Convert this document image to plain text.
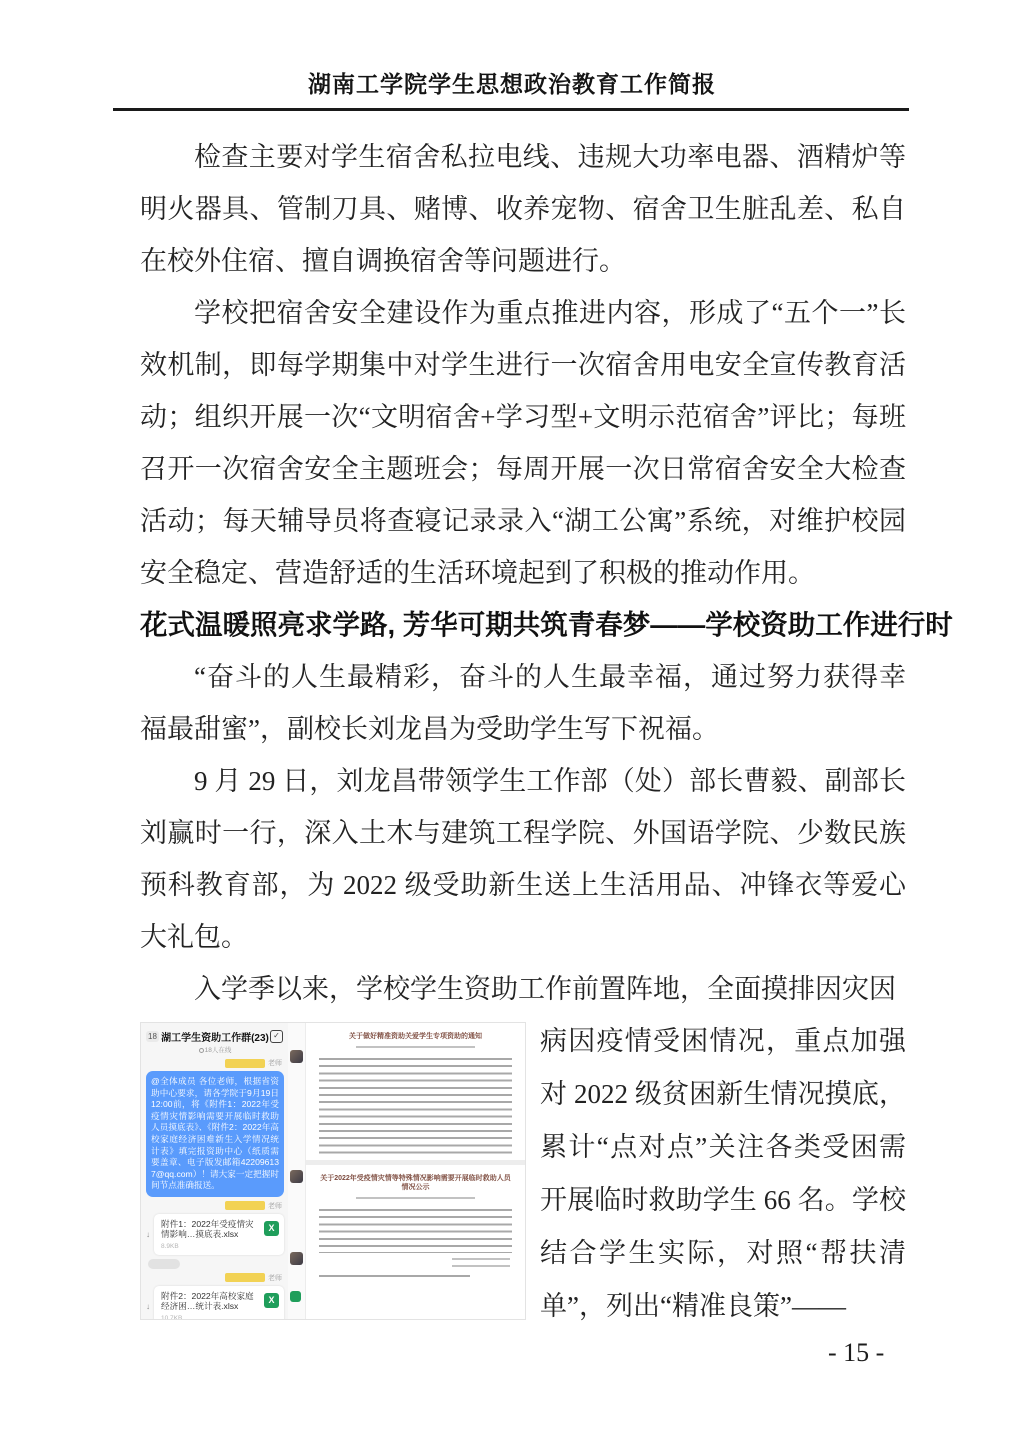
湖南工学院学生思想政治教育工作简报

检查主要对学生宿舍私拉电线、违规大功率电器、酒精炉等明火器具、管制刀具、赌博、收养宠物、宿舍卫生脏乱差、私自在校外住宿、擅自调换宿舍等问题进行。

学校把宿舍安全建设作为重点推进内容，形成了“五个一”长效机制，即每学期集中对学生进行一次宿舍用电安全宣传教育活动；组织开展一次“文明宿舍+学习型+文明示范宿舍”评比；每班召开一次宿舍安全主题班会；每周开展一次日常宿舍安全大检查活动；每天辅导员将查寝记录录入“湖工公寓”系统，对维护校园安全稳定、营造舒适的生活环境起到了积极的推动作用。

花式温暖照亮求学路, 芳华可期共筑青春梦——学校资助工作进行时

“奋斗的人生最精彩，奋斗的人生最幸福，通过努力获得幸福最甜蜜”，副校长刘龙昌为受助学生写下祝福。

9 月 29 日，刘龙昌带领学生工作部（处）部长曹毅、副部长刘赢时一行，深入土木与建筑工程学院、外国语学院、少数民族预科教育部，为 2022 级受助新生送上生活用品、冲锋衣等爱心大礼包。

入学季以来，学校学生资助工作前置阵地，全面摸排因灾因

18 湖工学生资助工作群(23)
18人在线
✓
老师
@全体成员 各位老师，根据省资助中心要求，请各学院于9月19日12:00前，将《附件1：2022年受疫情灾情影响需要开展临时救助人员摸底表》、《附件2：2022年高校家庭经济困难新生入学情况统计表》填完报资助中心（纸质需要盖章、电子版发邮箱422096137@qq.com）！请大家一定把握时间节点准确报送。
老师
↓
附件1：2022年受疫情灾情影响…摸底表.xlsx
8.9KB
X
老师
↓
附件2：2022年高校家庭经济困…统计表.xlsx
10.7KB
X
关于做好精准资助关爱学生专项资助的通知
关于2022年受疫情灾情等特殊情况影响需要开展临时救助人员情况公示

病因疫情受困情况，重点加强对 2022 级贫困新生情况摸底，累计“点对点”关注各类受困需开展临时救助学生 66 名。学校结合学生实际，对照“帮扶清单”，列出“精准良策”——

- 15 -
